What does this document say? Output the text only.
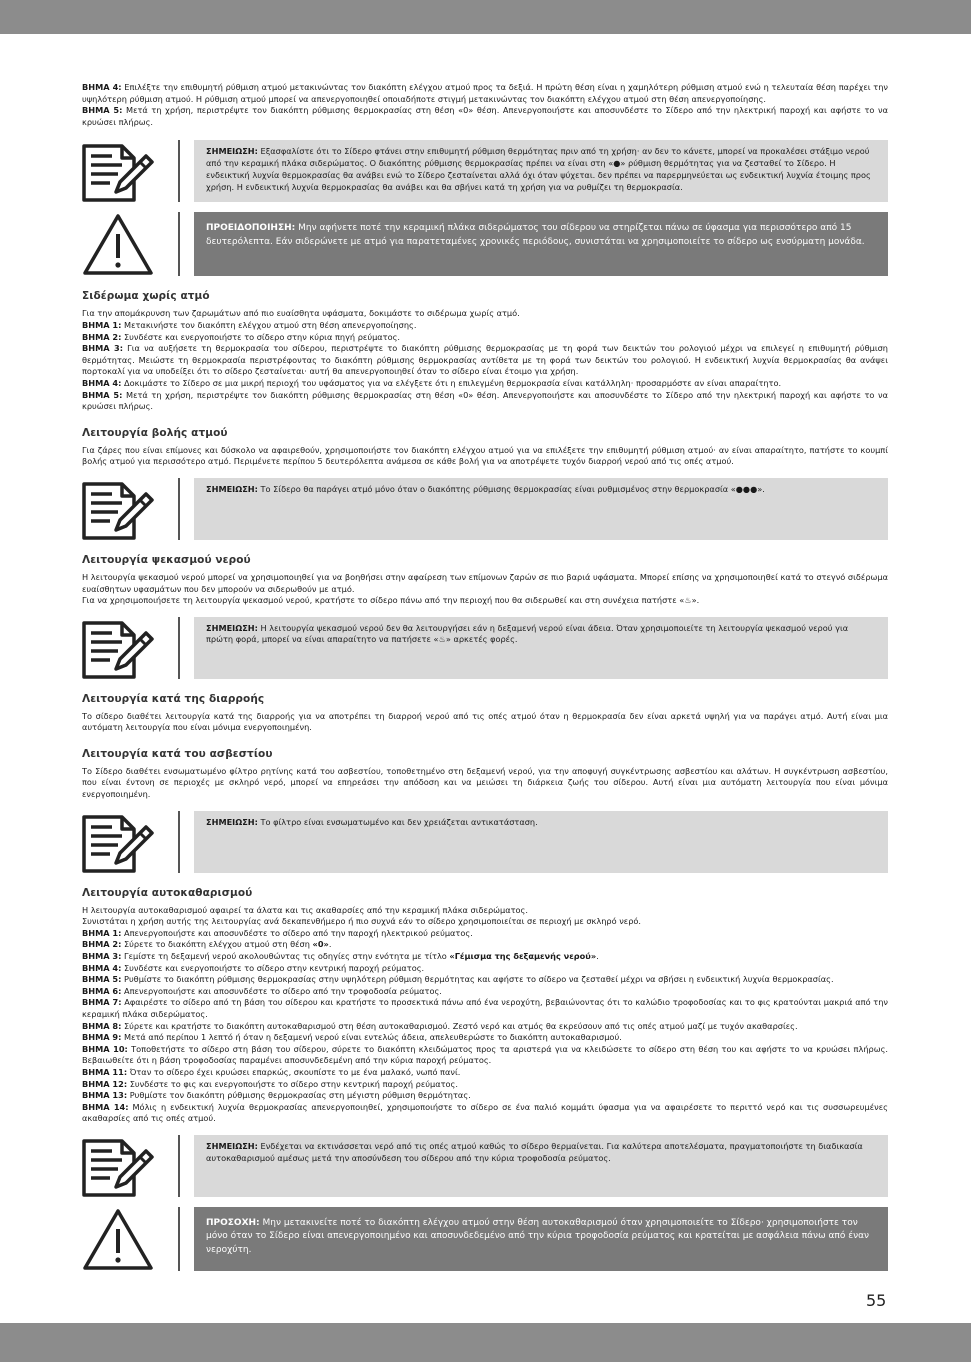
ΒΗΜΑ 4: Επιλέξτε την επιθυμητή ρύθμιση ατμού μετακινώντας τον διακόπτη ελέγχου ατμού προς τα δεξιά. Η πρώτη θέση είναι η χαμηλότερη ρύθμιση ατμού ενώ η τελευταία θέση παρέχει την υψηλότερη ρύθμιση ατμού. Η ρύθμιση ατμού μπορεί να απενεργοποιηθεί οποιαδήποτε στιγμή μετακινώντας τον διακόπτη ελέγχου ατμού στη θέση απενεργοποίησης.

ΒΗΜΑ 5: Μετά τη χρήση, περιστρέψτε τον διακόπτη ρύθμισης θερμοκρασίας στη θέση «0» θέση. Απενεργοποιήστε και αποσυνδέστε το Σίδερο από την ηλεκτρική παροχή και αφήστε το να κρυώσει πλήρως.

ΣΗΜΕΙΩΣΗ: Εξασφαλίστε ότι το Σίδερο φτάνει στην επιθυμητή ρύθμιση θερμότητας πριν από τη χρήση· αν δεν το κάνετε, μπορεί να προκαλέσει στάξιμο νερού από την κεραμική πλάκα σιδερώματος. Ο διακόπτης ρύθμισης θερμοκρασίας πρέπει να είναι στη «●» ρύθμιση θερμότητας για να ζεσταθεί το Σίδερο. Η ενδεικτική λυχνία θερμοκρασίας θα ανάβει ενώ το Σίδερο ζεσταίνεται αλλά όχι όταν ψύχεται. δεν πρέπει να παρερμηνεύεται ως ενδεικτική λυχνία έτοιμης προς χρήση. Η ενδεικτική λυχνία θερμοκρασίας θα ανάβει και θα σβήνει κατά τη χρήση για να ρυθμίζει τη θερμοκρασία.
ΠΡΟΕΙΔΟΠΟΙΗΣΗ: Μην αφήνετε ποτέ την κεραμική πλάκα σιδερώματος του σίδερου να στηρίζεται πάνω σε ύφασμα για περισσότερο από 15 δευτερόλεπτα. Εάν σιδερώνετε με ατμό για παρατεταμένες χρονικές περιόδους, συνιστάται να χρησιμοποιείτε το σίδερο ως ενσύρματη μονάδα.
Σιδέρωμα χωρίς ατμό

Για την απομάκρυνση των ζαρωμάτων από πιο ευαίσθητα υφάσματα, δοκιμάστε το σιδέρωμα χωρίς ατμό.

ΒΗΜΑ 1: Μετακινήστε τον διακόπτη ελέγχου ατμού στη θέση απενεργοποίησης.

ΒΗΜΑ 2: Συνδέστε και ενεργοποιήστε το σίδερο στην κύρια πηγή ρεύματος.

ΒΗΜΑ 3: Για να αυξήσετε τη θερμοκρασία του σίδερου, περιστρέψτε το διακόπτη ρύθμισης θερμοκρασίας με τη φορά των δεικτών του ρολογιού μέχρι να επιλεγεί η επιθυμητή ρύθμιση θερμότητας. Μειώστε τη θερμοκρασία περιστρέφοντας το διακόπτη ρύθμισης θερμοκρασίας αντίθετα με τη φορά των δεικτών του ρολογιού. Η ενδεικτική λυχνία θερμοκρασίας θα ανάψει πορτοκαλί για να υποδείξει ότι το σίδερο ζεσταίνεται· αυτή θα απενεργοποιηθεί όταν το σίδερο είναι έτοιμο για χρήση.

ΒΗΜΑ 4: Δοκιμάστε το Σίδερο σε μια μικρή περιοχή του υφάσματος για να ελέγξετε ότι η επιλεγμένη θερμοκρασία είναι κατάλληλη· προσαρμόστε αν είναι απαραίτητο.

ΒΗΜΑ 5: Μετά τη χρήση, περιστρέψτε τον διακόπτη ρύθμισης θερμοκρασίας στη θέση «0» θέση. Απενεργοποιήστε και αποσυνδέστε το Σίδερο από την ηλεκτρική παροχή και αφήστε το να κρυώσει πλήρως.

Λειτουργία βολής ατμού

Για ζάρες που είναι επίμονες και δύσκολο να αφαιρεθούν, χρησιμοποιήστε τον διακόπτη ελέγχου ατμού για να επιλέξετε την επιθυμητή ρύθμιση ατμού· αν είναι απαραίτητο, πατήστε το κουμπί βολής ατμού για περισσότερο ατμό. Περιμένετε περίπου 5 δευτερόλεπτα ανάμεσα σε κάθε βολή για να αποτρέψετε τυχόν διαρροή νερού από τις οπές ατμού.

ΣΗΜΕΙΩΣΗ: Το Σίδερο θα παράγει ατμό μόνο όταν ο διακόπτης ρύθμισης θερμοκρασίας είναι ρυθμισμένος στην θερμοκρασία «●●●».
Λειτουργία ψεκασμού νερού

Η λειτουργία ψεκασμού νερού μπορεί να χρησιμοποιηθεί για να βοηθήσει στην αφαίρεση των επίμονων ζαρών σε πιο βαριά υφάσματα. Μπορεί επίσης να χρησιμοποιηθεί κατά το στεγνό σιδέρωμα ευαίσθητων υφασμάτων που δεν μπορούν να σιδερωθούν με ατμό.

Για να χρησιμοποιήσετε τη λειτουργία ψεκασμού νερού, κρατήστε το σίδερο πάνω από την περιοχή που θα σιδερωθεί και στη συνέχεια πατήστε «♨».

ΣΗΜΕΙΩΣΗ: Η λειτουργία ψεκασμού νερού δεν θα λειτουργήσει εάν η δεξαμενή νερού είναι άδεια. Όταν χρησιμοποιείτε τη λειτουργία ψεκασμού νερού για πρώτη φορά, μπορεί να είναι απαραίτητο να πατήσετε «♨» αρκετές φορές.
Λειτουργία κατά της διαρροής

Το σίδερο διαθέτει λειτουργία κατά της διαρροής για να αποτρέπει τη διαρροή νερού από τις οπές ατμού όταν η θερμοκρασία δεν είναι αρκετά υψηλή για να παράγει ατμό. Αυτή είναι μια αυτόματη λειτουργία που είναι μόνιμα ενεργοποιημένη.

Λειτουργία κατά του ασβεστίου

Το Σίδερο διαθέτει ενσωματωμένο φίλτρο ρητίνης κατά του ασβεστίου, τοποθετημένο στη δεξαμενή νερού, για την αποφυγή συγκέντρωσης ασβεστίου και αλάτων. Η συγκέντρωση ασβεστίου, που είναι έντονη σε περιοχές με σκληρό νερό, μπορεί να επηρεάσει την απόδοση και να μειώσει τη διάρκεια ζωής του σίδερου. Αυτή είναι μια αυτόματη λειτουργία που είναι μόνιμα ενεργοποιημένη.

ΣΗΜΕΙΩΣΗ: Το φίλτρο είναι ενσωματωμένο και δεν χρειάζεται αντικατάσταση.
Λειτουργία αυτοκαθαρισμού

Η λειτουργία αυτοκαθαρισμού αφαιρεί τα άλατα και τις ακαθαρσίες από την κεραμική πλάκα σιδερώματος.

Συνιστάται η χρήση αυτής της λειτουργίας ανά δεκαπενθήμερο ή πιο συχνά εάν το σίδερο χρησιμοποιείται σε περιοχή με σκληρό νερό.

ΒΗΜΑ 1: Απενεργοποιήστε και αποσυνδέστε το σίδερο από την παροχή ηλεκτρικού ρεύματος.

ΒΗΜΑ 2: Σύρετε το διακόπτη ελέγχου ατμού στη θέση «0».

ΒΗΜΑ 3: Γεμίστε τη δεξαμενή νερού ακολουθώντας τις οδηγίες στην ενότητα με τίτλο «Γέμισμα της δεξαμενής νερού».

ΒΗΜΑ 4: Συνδέστε και ενεργοποιήστε το σίδερο στην κεντρική παροχή ρεύματος.

ΒΗΜΑ 5: Ρυθμίστε το διακόπτη ρύθμισης θερμοκρασίας στην υψηλότερη ρύθμιση θερμότητας και αφήστε το σίδερο να ζεσταθεί μέχρι να σβήσει η ενδεικτική λυχνία θερμοκρασίας.

ΒΗΜΑ 6: Απενεργοποιήστε και αποσυνδέστε το σίδερο από την τροφοδοσία ρεύματος.

ΒΗΜΑ 7: Αφαιρέστε το σίδερο από τη βάση του σίδερου και κρατήστε το προσεκτικά πάνω από ένα νεροχύτη, βεβαιώνοντας ότι το καλώδιο τροφοδοσίας και το φις κρατούνται μακριά από την κεραμική πλάκα σιδερώματος.

ΒΗΜΑ 8: Σύρετε και κρατήστε το διακόπτη αυτοκαθαρισμού στη θέση αυτοκαθαρισμού. Ζεστό νερό και ατμός θα εκρεύσουν από τις οπές ατμού μαζί με τυχόν ακαθαρσίες.

ΒΗΜΑ 9: Μετά από περίπου 1 λεπτό ή όταν η δεξαμενή νερού είναι εντελώς άδεια, απελευθερώστε το διακόπτη αυτοκαθαρισμού.

ΒΗΜΑ 10: Τοποθετήστε το σίδερο στη βάση του σίδερου, σύρετε το διακόπτη κλειδώματος προς τα αριστερά για να κλειδώσετε το σίδερο στη θέση του και αφήστε το να κρυώσει πλήρως. Βεβαιωθείτε ότι η βάση τροφοδοσίας παραμένει αποσυνδεδεμένη από την κύρια παροχή ρεύματος.

ΒΗΜΑ 11: Όταν το σίδερο έχει κρυώσει επαρκώς, σκουπίστε το με ένα μαλακό, νωπό πανί.

ΒΗΜΑ 12: Συνδέστε το φις και ενεργοποιήστε το σίδερο στην κεντρική παροχή ρεύματος.

ΒΗΜΑ 13: Ρυθμίστε τον διακόπτη ρύθμισης θερμοκρασίας στη μέγιστη ρύθμιση θερμότητας.

ΒΗΜΑ 14: Μόλις η ενδεικτική λυχνία θερμοκρασίας απενεργοποιηθεί, χρησιμοποιήστε το σίδερο σε ένα παλιό κομμάτι ύφασμα για να αφαιρέσετε το περιττό νερό και τις συσσωρευμένες ακαθαρσίες από τις οπές ατμού.

ΣΗΜΕΙΩΣΗ: Ενδέχεται να εκτινάσσεται νερό από τις οπές ατμού καθώς το σίδερο θερμαίνεται. Για καλύτερα αποτελέσματα, πραγματοποιήστε τη διαδικασία αυτοκαθαρισμού αμέσως μετά την αποσύνδεση του σίδερου από την κύρια τροφοδοσία ρεύματος.
ΠΡΟΣΟΧΗ: Μην μετακινείτε ποτέ το διακόπτη ελέγχου ατμού στην θέση αυτοκαθαρισμού όταν χρησιμοποιείτε το Σίδερο· χρησιμοποιήστε τον μόνο όταν το Σίδερο είναι απενεργοποιημένο και αποσυνδεδεμένο από την κύρια τροφοδοσία ρεύματος και κρατείται με ασφάλεια πάνω από έναν νεροχύτη.
55
